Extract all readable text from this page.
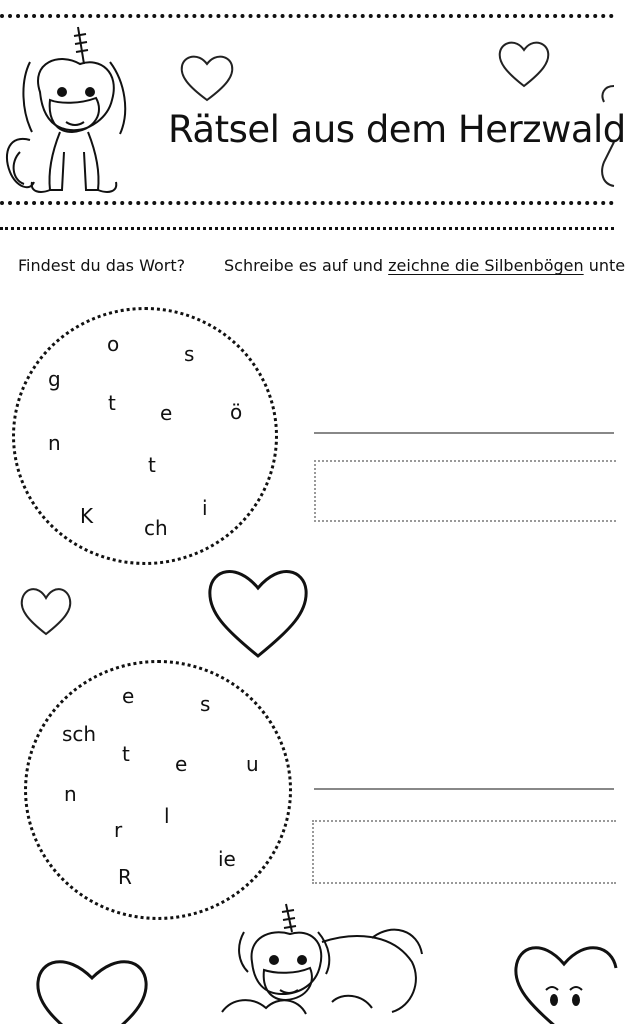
Rätsel aus dem Herzwald
Findest du das Wort? Schreibe es auf und zeichne die Silbenbögen unte
o	s
g
t e	ö
n
t
K	ch
i
e	s
sch
t e	u
n
l
r
ie
R
